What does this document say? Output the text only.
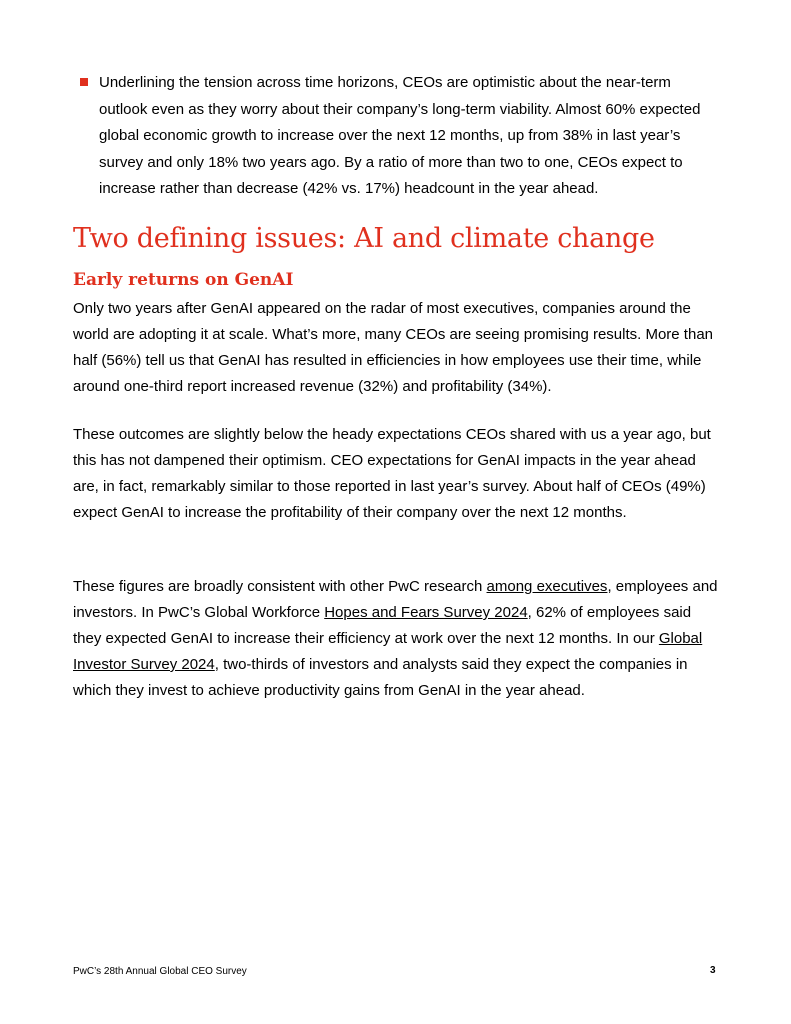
Underlining the tension across time horizons, CEOs are optimistic about the near-term outlook even as they worry about their company’s long-term viability. Almost 60% expected global economic growth to increase over the next 12 months, up from 38% in last year’s survey and only 18% two years ago. By a ratio of more than two to one, CEOs expect to increase rather than decrease (42% vs. 17%) headcount in the year ahead.

Two defining issues: AI and climate change
Early returns on GenAI

Only two years after GenAI appeared on the radar of most executives, companies around the world are adopting it at scale. What’s more, many CEOs are seeing promising results. More than half (56%) tell us that GenAI has resulted in efficiencies in how employees use their time, while around one-third report increased revenue (32%) and profitability (34%).

These outcomes are slightly below the heady expectations CEOs shared with us a year ago, but this has not dampened their optimism. CEO expectations for GenAI impacts in the year ahead are, in fact, remarkably similar to those reported in last year’s survey. About half of CEOs (49%) expect GenAI to increase the profitability of their company over the next 12 months.

These figures are broadly consistent with other PwC research among executives, employees and investors. In PwC’s Global Workforce Hopes and Fears Survey 2024, 62% of employees said they expected GenAI to increase their efficiency at work over the next 12 months. In our Global Investor Survey 2024, two-thirds of investors and analysts said they expect the companies in which they invest to achieve productivity gains from GenAI in the year ahead.

PwC’s 28th Annual Global CEO Survey	3
